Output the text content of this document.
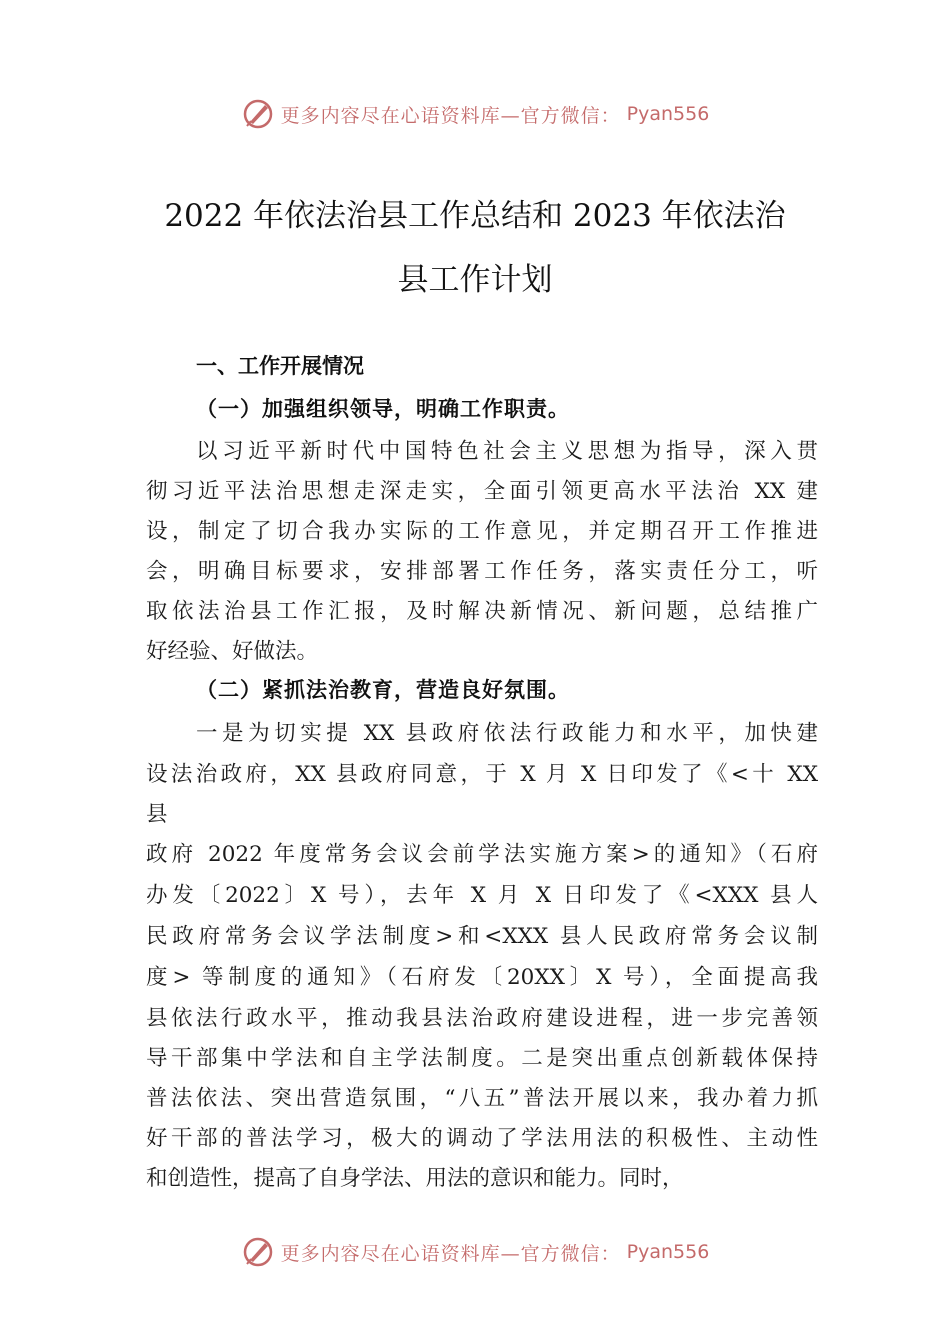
更多内容尽在心语资料库—官方微信： Pyan556
2022 年依法治县工作总结和 2023 年依法治
县工作计划
一、工作开展情况
（一）加强组织领导，明确工作职责。
以习近平新时代中国特色社会主义思想为指导，深入贯
彻习近平法治思想走深走实，全面引领更高水平法治 XX 建
设，制定了切合我办实际的工作意见，并定期召开工作推进
会，明确目标要求，安排部署工作任务，落实责任分工，听
取依法治县工作汇报，及时解决新情况、新问题，总结推广
好经验、好做法。
（二）紧抓法治教育，营造良好氛围。
一是为切实提 XX 县政府依法行政能力和水平，加快建
设法治政府，XX 县政府同意，于 X 月 X 日印发了《<十 XX
县
政府 2022 年度常务会议会前学法实施方案>的通知》（石府
办发〔2022〕X 号），去年 X 月 X 日印发了《<XXX 县人
民政府常务会议学法制度>和<XXX 县人民政府常务会议制
度> 等制度的通知》（石府发〔20XX〕X 号），全面提高我
县依法行政水平，推动我县法治政府建设进程，进一步完善领
导干部集中学法和自主学法制度。二是突出重点创新载体保持
普法依法、突出营造氛围，“八五”普法开展以来，我办着力抓
好干部的普法学习，极大的调动了学法用法的积极性、主动性
和创造性，提高了自身学法、用法的意识和能力。同时，
更多内容尽在心语资料库—官方微信： Pyan556
